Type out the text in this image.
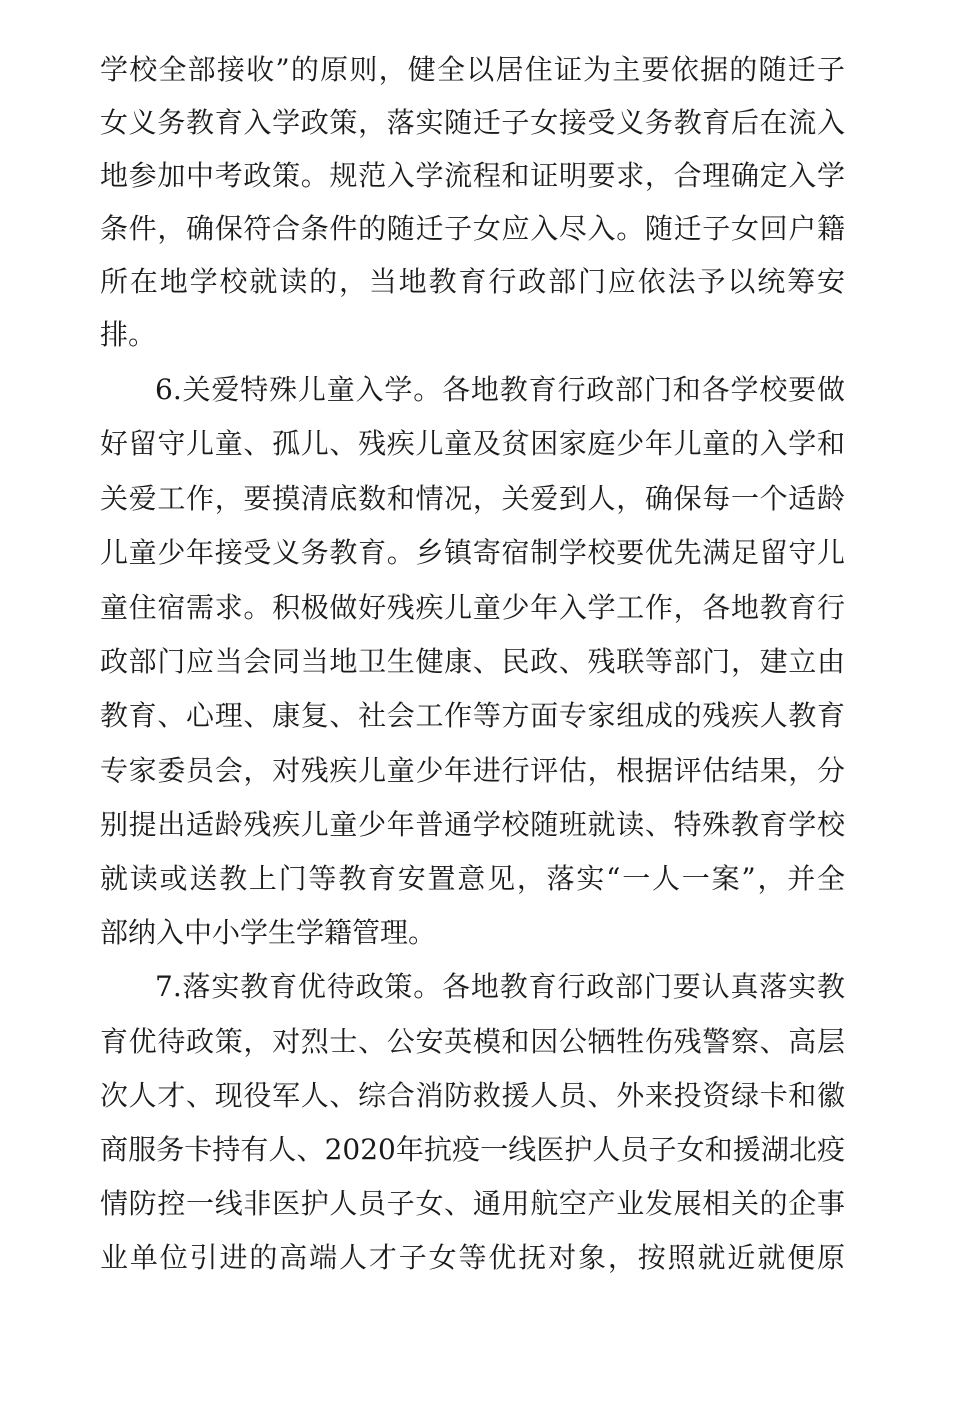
学校全部接收”的原则，健全以居住证为主要依据的随迁子
女义务教育入学政策，落实随迁子女接受义务教育后在流入
地参加中考政策。规范入学流程和证明要求，合理确定入学
条件，确保符合条件的随迁子女应入尽入。随迁子女回户籍
所在地学校就读的，当地教育行政部门应依法予以统筹安
排。
6.关爱特殊儿童入学。各地教育行政部门和各学校要做
好留守儿童、孤儿、残疾儿童及贫困家庭少年儿童的入学和
关爱工作，要摸清底数和情况，关爱到人，确保每一个适龄
儿童少年接受义务教育。乡镇寄宿制学校要优先满足留守儿
童住宿需求。积极做好残疾儿童少年入学工作，各地教育行
政部门应当会同当地卫生健康、民政、残联等部门，建立由
教育、心理、康复、社会工作等方面专家组成的残疾人教育
专家委员会，对残疾儿童少年进行评估，根据评估结果，分
别提出适龄残疾儿童少年普通学校随班就读、特殊教育学校
就读或送教上门等教育安置意见，落实“一人一案”，并全
部纳入中小学生学籍管理。
7.落实教育优待政策。各地教育行政部门要认真落实教
育优待政策，对烈士、公安英模和因公牺牲伤残警察、高层
次人才、现役军人、综合消防救援人员、外来投资绿卡和徽
商服务卡持有人、2020年抗疫一线医护人员子女和援湖北疫
情防控一线非医护人员子女、通用航空产业发展相关的企事
业单位引进的高端人才子女等优抚对象，按照就近就便原
